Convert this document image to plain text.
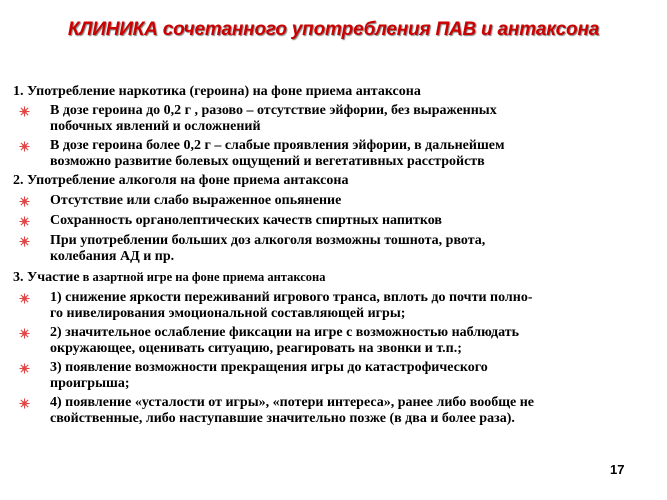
КЛИНИКА сочетанного употребления ПАВ и антаксона
1. Употребление наркотика (героина) на фоне приема антаксона
В дозе героина до 0,2 г , разово – отсутствие эйфории, без выраженных
побочных явлений и осложнений
В дозе героина более 0,2 г – слабые проявления эйфории, в дальнейшем
возможно развитие болевых ощущений и вегетативных расстройств
2. Употребление алкоголя на фоне приема антаксона
Отсутствие или слабо выраженное опьянение
Сохранность органолептических качеств спиртных напитков
При употреблении больших доз алкоголя возможны тошнота, рвота,
колебания АД и пр.
3. Участие в азартной игре на фоне приема антаксона
1) снижение яркости переживаний игрового транса, вплоть до почти полно-
го нивелирования эмоциональной составляющей игры;
2) значительное ослабление фиксации на игре с возможностью наблюдать
окружающее, оценивать ситуацию, реагировать на звонки и т.п.;
3) появление возможности прекращения игры до катастрофического
проигрыша;
4) появление «усталости от игры», «потери интереса», ранее либо вообще не
свойственные, либо наступавшие значительно позже (в два и более раза).
17
